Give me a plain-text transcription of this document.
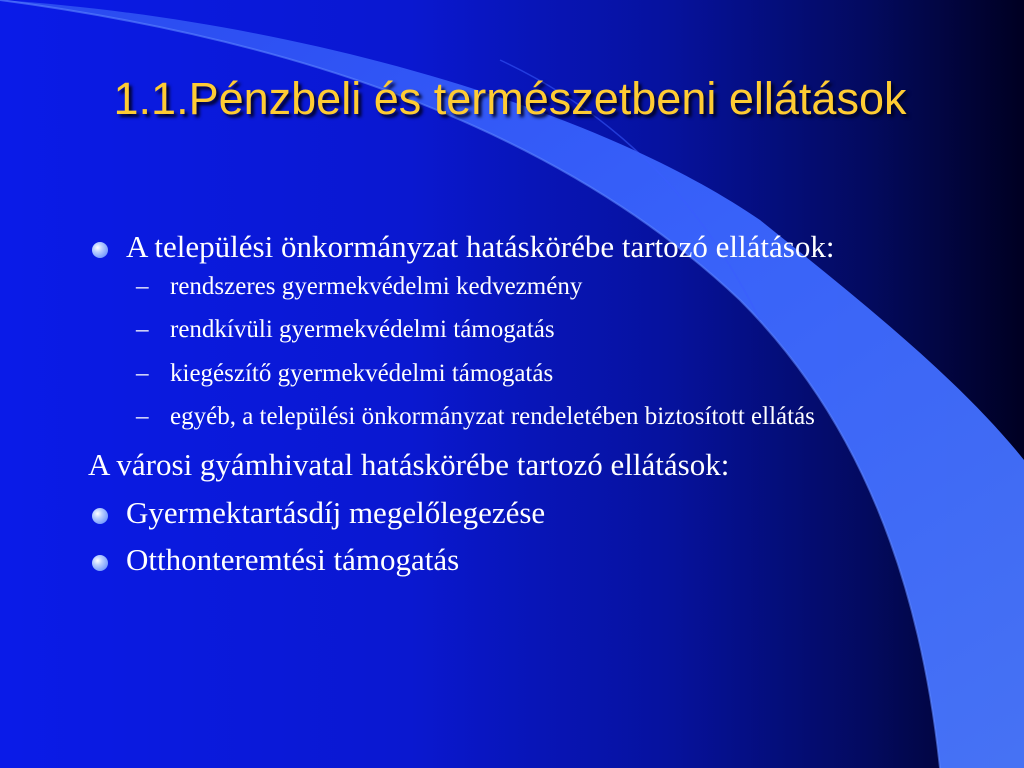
1.1.Pénzbeli és természetbeni ellátások
A települési önkormányzat hatáskörébe tartozó ellátások:
– rendszeres gyermekvédelmi kedvezmény
– rendkívüli gyermekvédelmi támogatás
– kiegészítő gyermekvédelmi támogatás
– egyéb, a települési önkormányzat rendeletében biztosított ellátás
A városi gyámhivatal hatáskörébe tartozó ellátások:
Gyermektartásdíj megelőlegezése
Otthonteremtési támogatás
